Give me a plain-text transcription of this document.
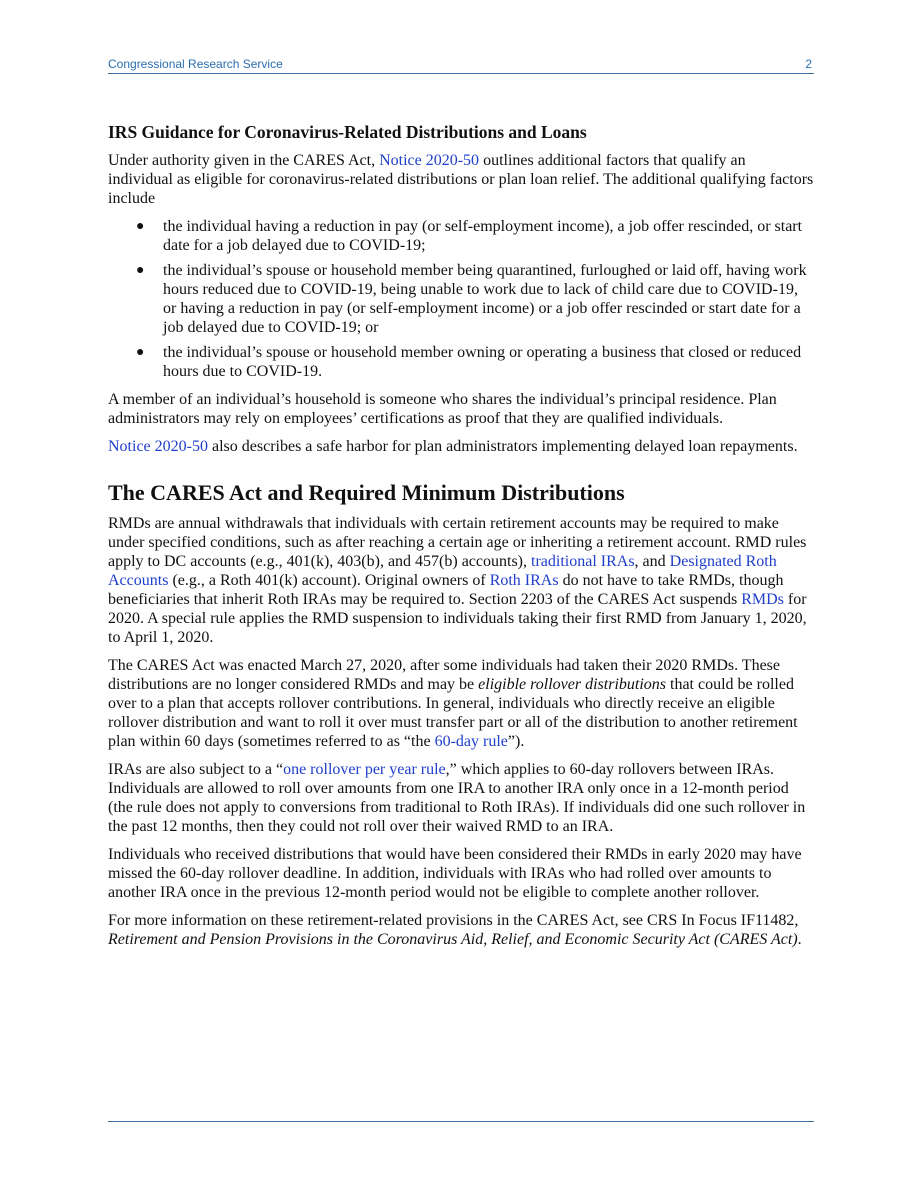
Congressional Research Service	2
IRS Guidance for Coronavirus-Related Distributions and Loans

Under authority given in the CARES Act, Notice 2020-50 outlines additional factors that qualify an individual as eligible for coronavirus-related distributions or plan loan relief. The additional qualifying factors include

● the individual having a reduction in pay (or self-employment income), a job offer rescinded, or start date for a job delayed due to COVID-19;
● the individual’s spouse or household member being quarantined, furloughed or laid off, having work hours reduced due to COVID-19, being unable to work due to lack of child care due to COVID-19, or having a reduction in pay (or self-employment income) or a job offer rescinded or start date for a job delayed due to COVID-19; or
● the individual’s spouse or household member owning or operating a business that closed or reduced hours due to COVID-19.

A member of an individual’s household is someone who shares the individual’s principal residence. Plan administrators may rely on employees’ certifications as proof that they are qualified individuals.

Notice 2020-50 also describes a safe harbor for plan administrators implementing delayed loan repayments.

The CARES Act and Required Minimum Distributions

RMDs are annual withdrawals that individuals with certain retirement accounts may be required to make under specified conditions, such as after reaching a certain age or inheriting a retirement account. RMD rules apply to DC accounts (e.g., 401(k), 403(b), and 457(b) accounts), traditional IRAs, and Designated Roth Accounts (e.g., a Roth 401(k) account). Original owners of Roth IRAs do not have to take RMDs, though beneficiaries that inherit Roth IRAs may be required to. Section 2203 of the CARES Act suspends RMDs for 2020. A special rule applies the RMD suspension to individuals taking their first RMD from January 1, 2020, to April 1, 2020.

The CARES Act was enacted March 27, 2020, after some individuals had taken their 2020 RMDs. These distributions are no longer considered RMDs and may be eligible rollover distributions that could be rolled over to a plan that accepts rollover contributions. In general, individuals who directly receive an eligible rollover distribution and want to roll it over must transfer part or all of the distribution to another retirement plan within 60 days (sometimes referred to as “the 60-day rule”).

IRAs are also subject to a “one rollover per year rule,” which applies to 60-day rollovers between IRAs. Individuals are allowed to roll over amounts from one IRA to another IRA only once in a 12-month period (the rule does not apply to conversions from traditional to Roth IRAs). If individuals did one such rollover in the past 12 months, then they could not roll over their waived RMD to an IRA.

Individuals who received distributions that would have been considered their RMDs in early 2020 may have missed the 60-day rollover deadline. In addition, individuals with IRAs who had rolled over amounts to another IRA once in the previous 12-month period would not be eligible to complete another rollover.

For more information on these retirement-related provisions in the CARES Act, see CRS In Focus IF11482, Retirement and Pension Provisions in the Coronavirus Aid, Relief, and Economic Security Act (CARES Act).
